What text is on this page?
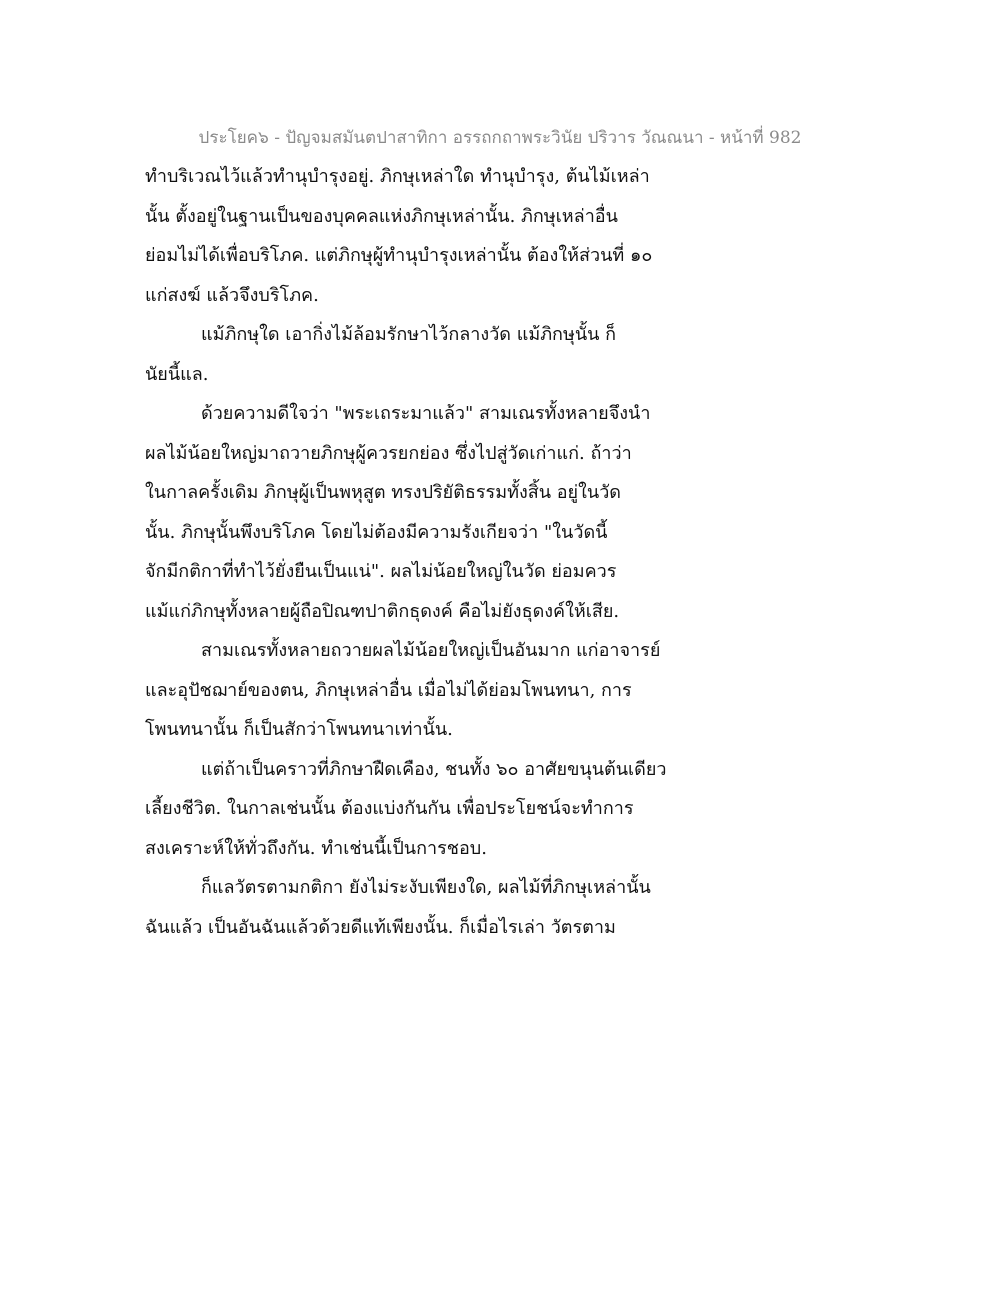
ประโยค๖ - ปัญจมสมันตปาสาทิกา อรรถกถาพระวินัย ปริวาร วัณณนา - หน้าที่ 982
ทำบริเวณไว้แล้วทำนุบำรุงอยู่. ภิกษุเหล่าใด ทำนุบำรุง, ต้นไม้เหล่า
นั้น ตั้งอยู่ในฐานเป็นของบุคคลแห่งภิกษุเหล่านั้น. ภิกษุเหล่าอื่น
ย่อมไม่ได้เพื่อบริโภค. แต่ภิกษุผู้ทำนุบำรุงเหล่านั้น ต้องให้ส่วนที่ ๑๐
แก่สงฆ์ แล้วจึงบริโภค.
แม้ภิกษุใด เอากิ่งไม้ล้อมรักษาไว้กลางวัด แม้ภิกษุนั้น ก็
นัยนี้แล.
ด้วยความดีใจว่า "พระเถระมาแล้ว" สามเณรทั้งหลายจึงนำ
ผลไม้น้อยใหญ่มาถวายภิกษุผู้ควรยกย่อง ซึ่งไปสู่วัดเก่าแก่. ถ้าว่า
ในกาลครั้งเดิม ภิกษุผู้เป็นพหุสูต ทรงปริยัติธรรมทั้งสิ้น อยู่ในวัด
นั้น. ภิกษุนั้นพึงบริโภค โดยไม่ต้องมีความรังเกียจว่า "ในวัดนี้
จักมีกติกาที่ทำไว้ยั่งยืนเป็นแน่". ผลไม่น้อยใหญ่ในวัด ย่อมควร
แม้แก่ภิกษุทั้งหลายผู้ถือปิณฑปาติกธุดงค์ คือไม่ยังธุดงค์ให้เสีย.
สามเณรทั้งหลายถวายผลไม้น้อยใหญ่เป็นอันมาก แก่อาจารย์
และอุปัชฌาย์ของตน, ภิกษุเหล่าอื่น เมื่อไม่ได้ย่อมโพนทนา, การ
โพนทนานั้น ก็เป็นสักว่าโพนทนาเท่านั้น.
แต่ถ้าเป็นคราวที่ภิกษาฝืดเคือง, ชนทั้ง ๖๐ อาศัยขนุนต้นเดียว
เลี้ยงชีวิต. ในกาลเช่นนั้น ต้องแบ่งกันกัน เพื่อประโยชน์จะทำการ
สงเคราะห์ให้ทั่วถึงกัน. ทำเช่นนี้เป็นการชอบ.
ก็แลวัตรตามกติกา ยังไม่ระงับเพียงใด, ผลไม้ที่ภิกษุเหล่านั้น
ฉันแล้ว เป็นอันฉันแล้วด้วยดีแท้เพียงนั้น. ก็เมื่อไรเล่า วัตรตาม
